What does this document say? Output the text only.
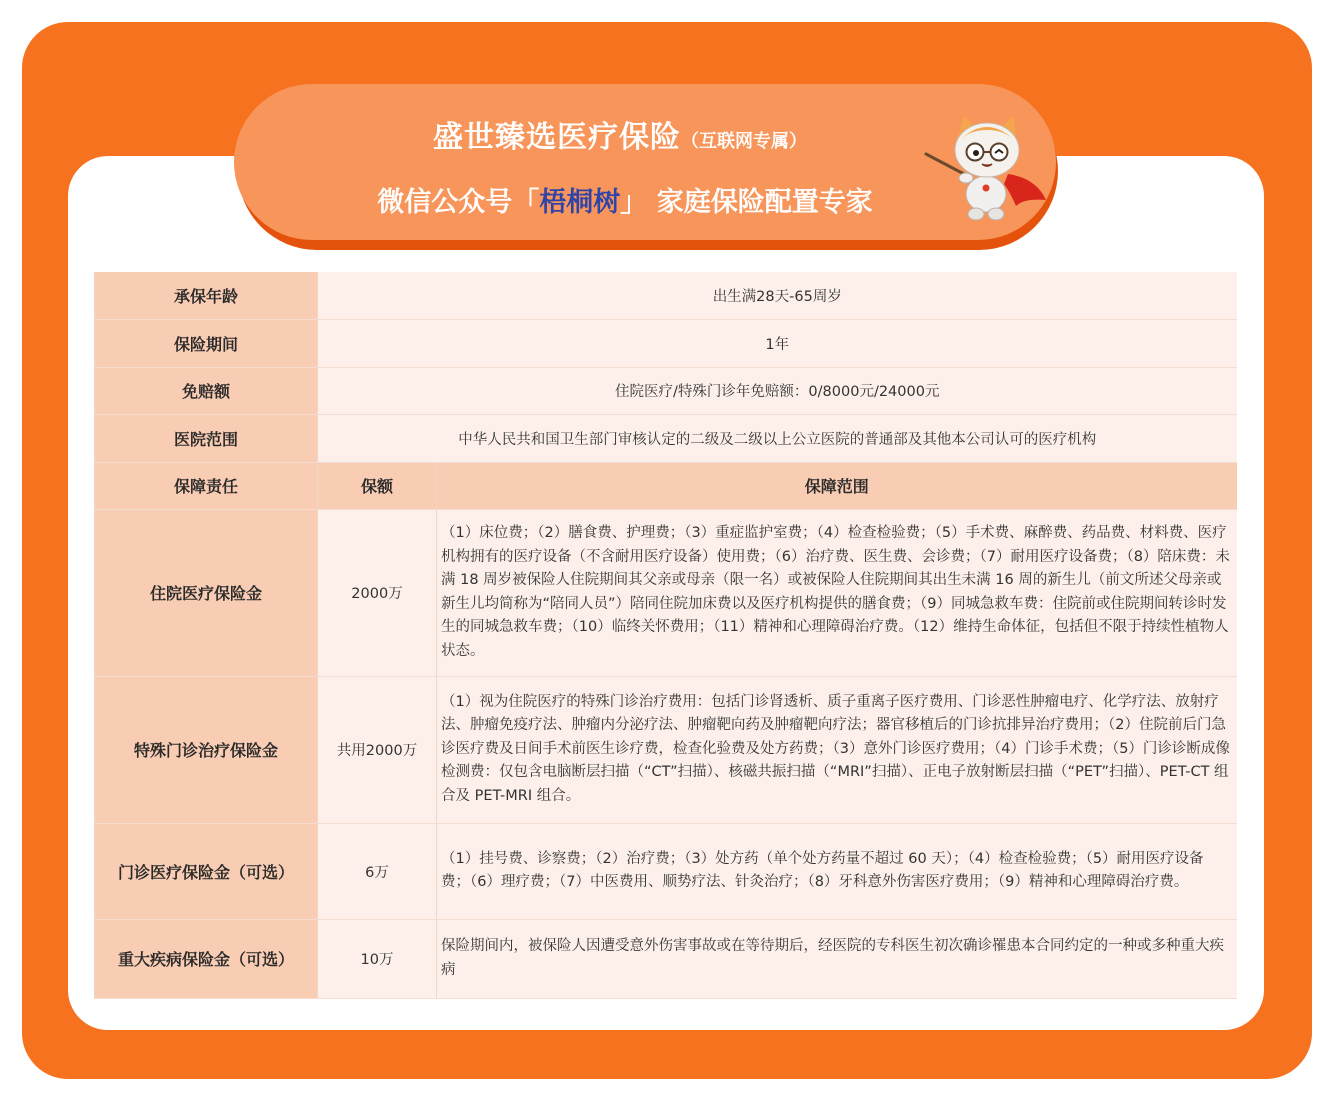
盛世臻选医疗保险（互联网专属）
微信公众号「梧桐树」 家庭保险配置专家
承保年龄	出生满28天-65周岁	
保险期间	1年	
免赔额	住院医疗/特殊门诊年免赔额：0/8000元/24000元	
医院范围	中华人民共和国卫生部门审核认定的二级及二级以上公立医院的普通部及其他本公司认可的医疗机构	
保障责任	保额	保障范围
住院医疗保险金	2000万	（1）床位费；（2）膳食费、护理费；（3）重症监护室费；（4）检查检验费；（5）手术费、麻醉费、药品费、材料费、医疗机构拥有的医疗设备（不含耐用医疗设备）使用费；（6）治疗费、医生费、会诊费；（7）耐用医疗设备费；（8）陪床费：未满 18 周岁被保险人住院期间其父亲或母亲（限一名）或被保险人住院期间其出生未满 16 周的新生儿（前文所述父母亲或新生儿均简称为“陪同人员”）陪同住院加床费以及医疗机构提供的膳食费；（9）同城急救车费：住院前或住院期间转诊时发生的同城急救车费；（10）临终关怀费用；（11）精神和心理障碍治疗费。（12）维持生命体征，包括但不限于持续性植物人状态。
特殊门诊治疗保险金	共用2000万	（1）视为住院医疗的特殊门诊治疗费用：包括门诊肾透析、质子重离子医疗费用、门诊恶性肿瘤电疗、化学疗法、放射疗法、肿瘤免疫疗法、肿瘤内分泌疗法、肿瘤靶向药及肿瘤靶向疗法；器官移植后的门诊抗排异治疗费用；（2）住院前后门急诊医疗费及日间手术前医生诊疗费，检查化验费及处方药费；（3）意外门诊医疗费用；（4）门诊手术费；（5）门诊诊断成像检测费：仅包含电脑断层扫描（“CT”扫描）、核磁共振扫描（“MRI”扫描）、正电子放射断层扫描（“PET”扫描）、PET-CT 组合及 PET-MRI 组合。
门诊医疗保险金（可选）	6万	（1）挂号费、诊察费；（2）治疗费；（3）处方药（单个处方药量不超过 60 天）；（4）检查检验费；（5）耐用医疗设备费；（6）理疗费；（7）中医费用、顺势疗法、针灸治疗；（8）牙科意外伤害医疗费用；（9）精神和心理障碍治疗费。
重大疾病保险金（可选）	10万	保险期间内，被保险人因遭受意外伤害事故或在等待期后，经医院的专科医生初次确诊罹患本合同约定的一种或多种重大疾病
